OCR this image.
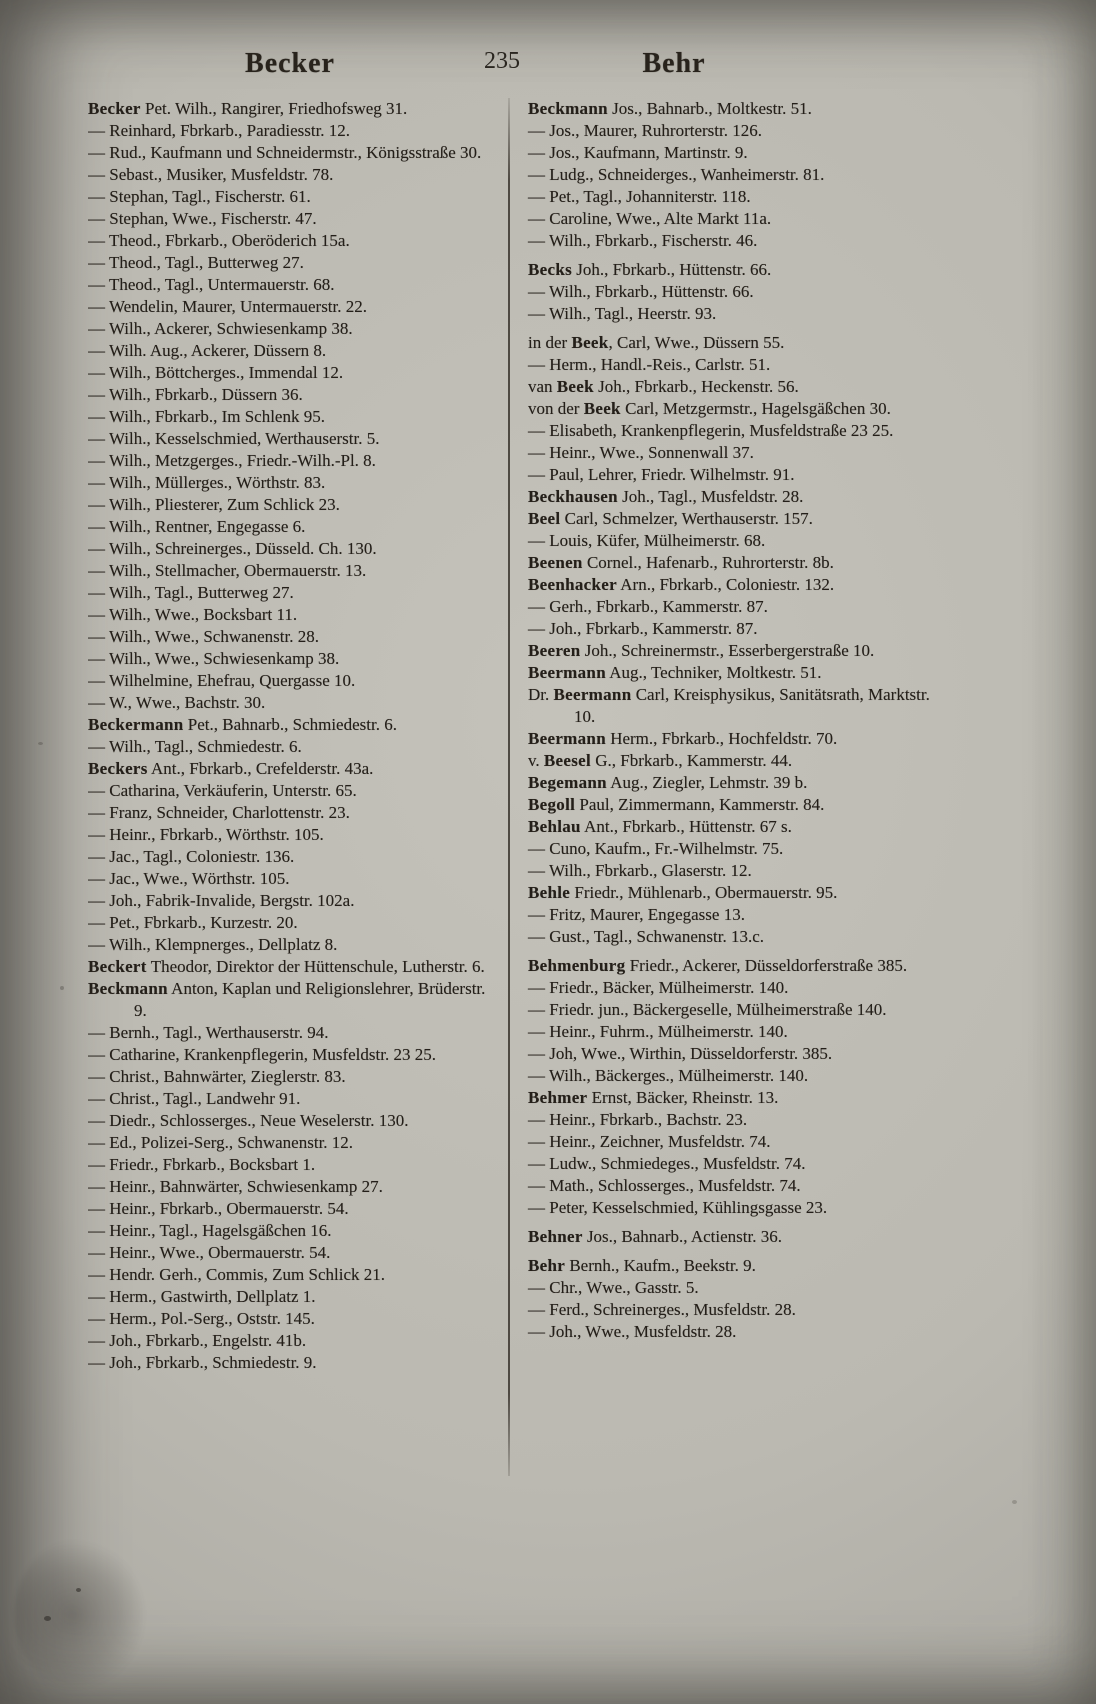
Becker	235	Behr

Becker Pet. Wilh., Rangirer, Friedhofsweg 31.

— Reinhard, Fbrkarb., Paradiesstr. 12.

— Rud., Kaufmann und Schneidermstr., Königsstraße 30.

— Sebast., Musiker, Musfeldstr. 78.

— Stephan, Tagl., Fischerstr. 61.

— Stephan, Wwe., Fischerstr. 47.

— Theod., Fbrkarb., Oberöderich 15a.

— Theod., Tagl., Butterweg 27.

— Theod., Tagl., Untermauerstr. 68.

— Wendelin, Maurer, Untermauerstr. 22.

— Wilh., Ackerer, Schwiesenkamp 38.

— Wilh. Aug., Ackerer, Düssern 8.

— Wilh., Böttcherges., Immendal 12.

— Wilh., Fbrkarb., Düssern 36.

— Wilh., Fbrkarb., Im Schlenk 95.

— Wilh., Kesselschmied, Werthauserstr. 5.

— Wilh., Metzgerges., Friedr.-Wilh.-Pl. 8.

— Wilh., Müllerges., Wörthstr. 83.

— Wilh., Pliesterer, Zum Schlick 23.

— Wilh., Rentner, Engegasse 6.

— Wilh., Schreinerges., Düsseld. Ch. 130.

— Wilh., Stellmacher, Obermauerstr. 13.

— Wilh., Tagl., Butterweg 27.

— Wilh., Wwe., Bocksbart 11.

— Wilh., Wwe., Schwanenstr. 28.

— Wilh., Wwe., Schwiesenkamp 38.

— Wilhelmine, Ehefrau, Quergasse 10.

— W., Wwe., Bachstr. 30.

Beckermann Pet., Bahnarb., Schmiedestr. 6.

— Wilh., Tagl., Schmiedestr. 6.

Beckers Ant., Fbrkarb., Crefelderstr. 43a.

— Catharina, Verkäuferin, Unterstr. 65.

— Franz, Schneider, Charlottenstr. 23.

— Heinr., Fbrkarb., Wörthstr. 105.

— Jac., Tagl., Coloniestr. 136.

— Jac., Wwe., Wörthstr. 105.

— Joh., Fabrik-Invalide, Bergstr. 102a.

— Pet., Fbrkarb., Kurzestr. 20.

— Wilh., Klempnerges., Dellplatz 8.

Beckert Theodor, Direktor der Hüttenschule, Lutherstr. 6.

Beckmann Anton, Kaplan und Religionslehrer, Brüderstr. 9.

— Bernh., Tagl., Werthauserstr. 94.

— Catharine, Krankenpflegerin, Musfeldstr. 23 25.

— Christ., Bahnwärter, Zieglerstr. 83.

— Christ., Tagl., Landwehr 91.

— Diedr., Schlosserges., Neue Weselerstr. 130.

— Ed., Polizei-Serg., Schwanenstr. 12.

— Friedr., Fbrkarb., Bocksbart 1.

— Heinr., Bahnwärter, Schwiesenkamp 27.

— Heinr., Fbrkarb., Obermauerstr. 54.

— Heinr., Tagl., Hagelsgäßchen 16.

— Heinr., Wwe., Obermauerstr. 54.

— Hendr. Gerh., Commis, Zum Schlick 21.

— Herm., Gastwirth, Dellplatz 1.

— Herm., Pol.-Serg., Oststr. 145.

— Joh., Fbrkarb., Engelstr. 41b.

— Joh., Fbrkarb., Schmiedestr. 9.

Beckmann Jos., Bahnarb., Moltkestr. 51.

— Jos., Maurer, Ruhrorterstr. 126.

— Jos., Kaufmann, Martinstr. 9.

— Ludg., Schneiderges., Wanheimerstr. 81.

— Pet., Tagl., Johanniterstr. 118.

— Caroline, Wwe., Alte Markt 11a.

— Wilh., Fbrkarb., Fischerstr. 46.

Becks Joh., Fbrkarb., Hüttenstr. 66.

— Wilh., Fbrkarb., Hüttenstr. 66.

— Wilh., Tagl., Heerstr. 93.

in der Beek, Carl, Wwe., Düssern 55.

— Herm., Handl.-Reis., Carlstr. 51.

van Beek Joh., Fbrkarb., Heckenstr. 56.

von der Beek Carl, Metzgermstr., Hagelsgäßchen 30.

— Elisabeth, Krankenpflegerin, Musfeldstraße 23 25.

— Heinr., Wwe., Sonnenwall 37.

— Paul, Lehrer, Friedr. Wilhelmstr. 91.

Beckhausen Joh., Tagl., Musfeldstr. 28.

Beel Carl, Schmelzer, Werthauserstr. 157.

— Louis, Küfer, Mülheimerstr. 68.

Beenen Cornel., Hafenarb., Ruhrorterstr. 8b.

Beenhacker Arn., Fbrkarb., Coloniestr. 132.

— Gerh., Fbrkarb., Kammerstr. 87.

— Joh., Fbrkarb., Kammerstr. 87.

Beeren Joh., Schreinermstr., Esserbergerstraße 10.

Beermann Aug., Techniker, Moltkestr. 51.

Dr. Beermann Carl, Kreisphysikus, Sanitätsrath, Marktstr. 10.

Beermann Herm., Fbrkarb., Hochfeldstr. 70.

v. Beesel G., Fbrkarb., Kammerstr. 44.

Begemann Aug., Ziegler, Lehmstr. 39 b.

Begoll Paul, Zimmermann, Kammerstr. 84.

Behlau Ant., Fbrkarb., Hüttenstr. 67 s.

— Cuno, Kaufm., Fr.-Wilhelmstr. 75.

— Wilh., Fbrkarb., Glaserstr. 12.

Behle Friedr., Mühlenarb., Obermauerstr. 95.

— Fritz, Maurer, Engegasse 13.

— Gust., Tagl., Schwanenstr. 13.c.

Behmenburg Friedr., Ackerer, Düsseldorferstraße 385.

— Friedr., Bäcker, Mülheimerstr. 140.

— Friedr. jun., Bäckergeselle, Mülheimerstraße 140.

— Heinr., Fuhrm., Mülheimerstr. 140.

— Joh, Wwe., Wirthin, Düsseldorferstr. 385.

— Wilh., Bäckerges., Mülheimerstr. 140.

Behmer Ernst, Bäcker, Rheinstr. 13.

— Heinr., Fbrkarb., Bachstr. 23.

— Heinr., Zeichner, Musfeldstr. 74.

— Ludw., Schmiedeges., Musfeldstr. 74.

— Math., Schlosserges., Musfeldstr. 74.

— Peter, Kesselschmied, Kühlingsgasse 23.

Behner Jos., Bahnarb., Actienstr. 36.

Behr Bernh., Kaufm., Beekstr. 9.

— Chr., Wwe., Gasstr. 5.

— Ferd., Schreinerges., Musfeldstr. 28.

— Joh., Wwe., Musfeldstr. 28.
